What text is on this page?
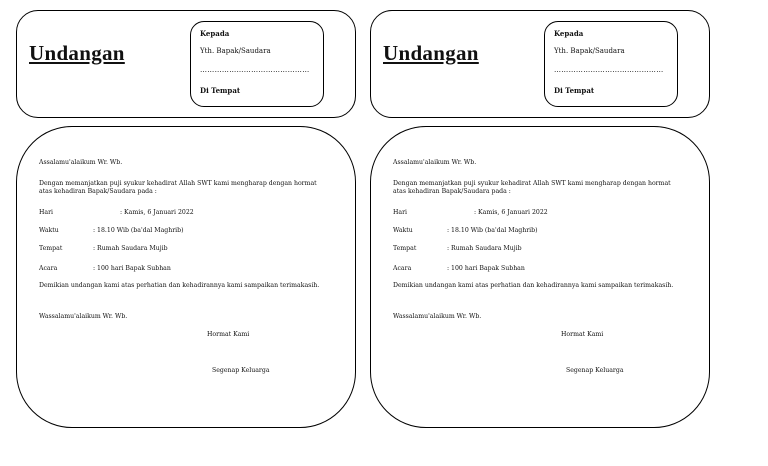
Undangan
Kepada
Yth. Bapak/Saudara
………………………………………
Di Tempat
Assalamu'alaikum Wr. Wb.
Dengan memanjatkan puji syukur kehadirat Allah SWT kami mengharap dengan hormat atas kehadiran Bapak/Saudara pada :
Hari	: Kamis, 6 Januari 2022
Waktu	: 18.10 Wib (ba'dal Maghrib)
Tempat	: Rumah Saudara Mujib
Acara	: 100 hari Bapak Subhan
Demikian undangan kami atas perhatian dan kehadirannya kami sampaikan terimakasih.
Wassalamu'alaikum Wr. Wb.
Hormat Kami
Segenap Keluarga
Undangan
Kepada
Yth. Bapak/Saudara
………………………………………
Di Tempat
Assalamu'alaikum Wr. Wb.
Dengan memanjatkan puji syukur kehadirat Allah SWT kami mengharap dengan hormat atas kehadiran Bapak/Saudara pada :
Hari	: Kamis, 6 Januari 2022
Waktu	: 18.10 Wib (ba'dal Maghrib)
Tempat	: Rumah Saudara Mujib
Acara	: 100 hari Bapak Subhan
Demikian undangan kami atas perhatian dan kehadirannya kami sampaikan terimakasih.
Wassalamu'alaikum Wr. Wb.
Hormat Kami
Segenap Keluarga
